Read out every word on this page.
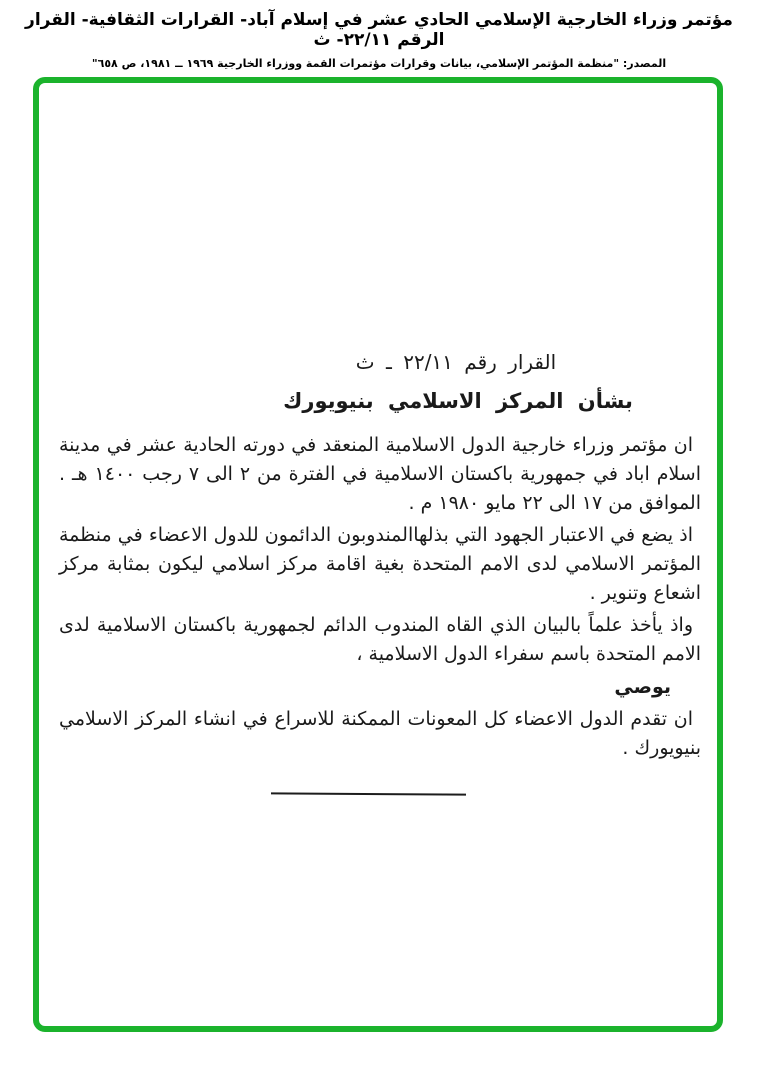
مؤتمر وزراء الخارجية الإسلامي الحادي عشر في إسلام آباد- القرارات الثقافية- القرار الرقم ٢٢/١١- ث
المصدر: "منظمة المؤتمر الإسلامي، بيانات وقرارات مؤتمرات القمة ووزراء الخارجية ١٩٦٩ ــ ١٩٨١، ص ٦٥٨"
القرار رقم ٢٢/١١ ـ ث
بشأن المركز الاسلامي بنيويورك

ان مؤتمر وزراء خارجية الدول الاسلامية المنعقد في دورته الحادية عشر في مدينة اسلام اباد في جمهورية باكستان الاسلامية في الفترة من ٢ الى ٧ رجب ١٤٠٠ هـ . الموافق من ١٧ الى ٢٢ مايو ١٩٨٠ م .

اذ يضع في الاعتبار الجهود التي بذلهاالمندوبون الدائمون للدول الاعضاء في منظمة المؤتمر الاسلامي لدى الامم المتحدة بغية اقامة مركز اسلامي ليكون بمثابة مركز اشعاع وتنوير .

واذ يأخذ علماً بالبيان الذي القاه المندوب الدائم لجمهورية باكستان الاسلامية لدى الامم المتحدة باسم سفراء الدول الاسلامية ،

يوصي

ان تقدم الدول الاعضاء كل المعونات الممكنة للاسراع في انشاء المركز الاسلامي بنيويورك .
